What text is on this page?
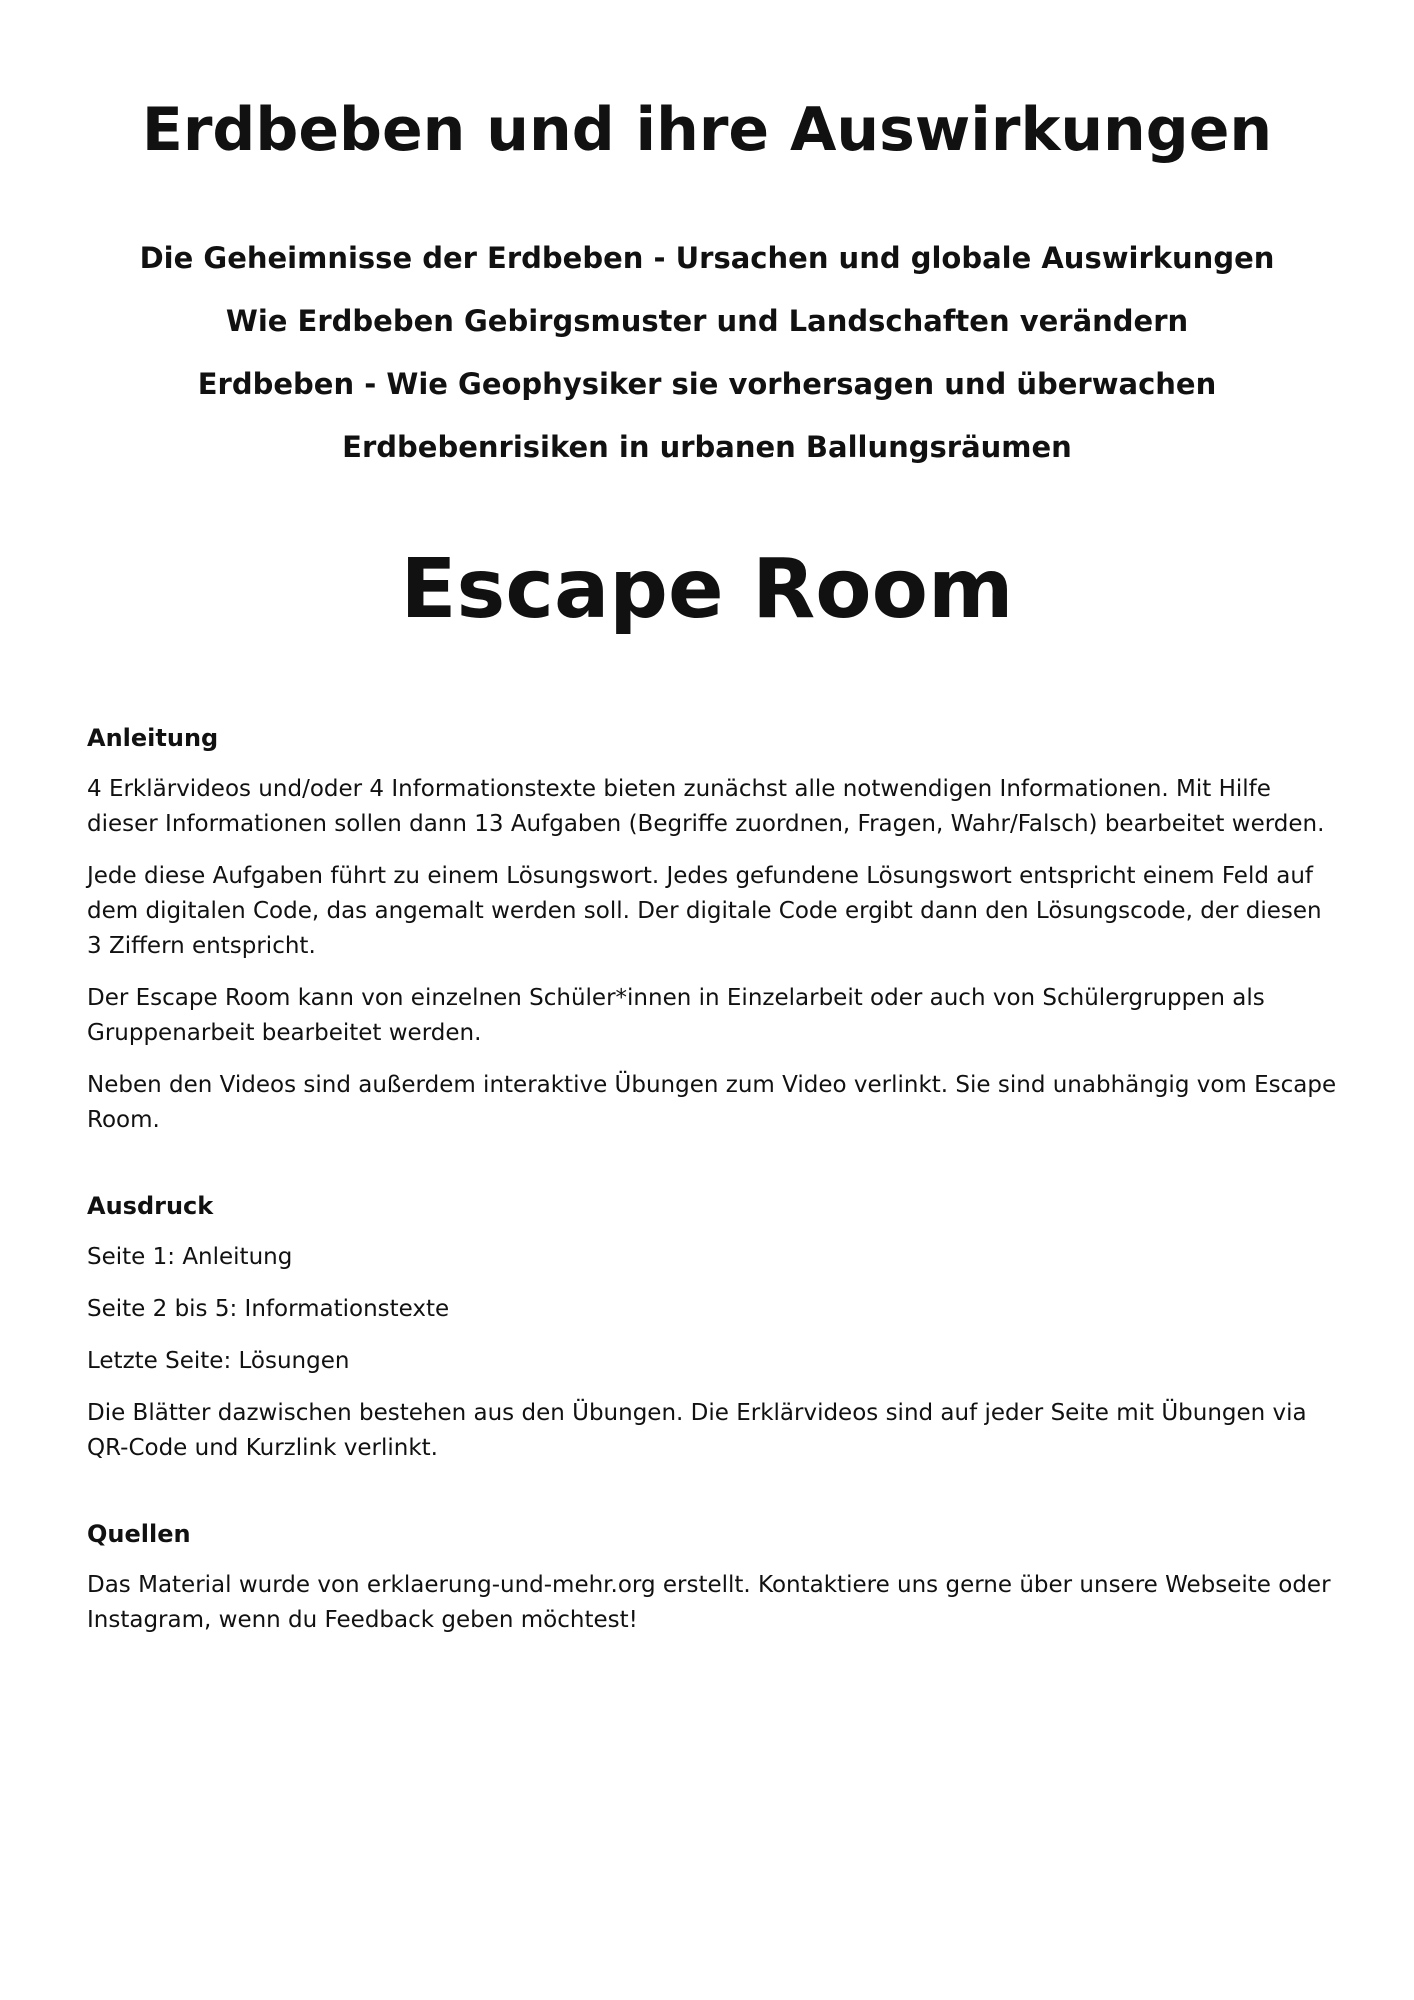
Erdbeben und ihre Auswirkungen
Die Geheimnisse der Erdbeben - Ursachen und globale Auswirkungen
Wie Erdbeben Gebirgsmuster und Landschaften verändern
Erdbeben - Wie Geophysiker sie vorhersagen und überwachen
Erdbebenrisiken in urbanen Ballungsräumen
Escape Room
Anleitung

4 Erklärvideos und/oder 4 Informationstexte bieten zunächst alle notwendigen Informationen. Mit Hilfe dieser Informationen sollen dann 13 Aufgaben (Begriffe zuordnen, Fragen, Wahr/Falsch) bearbeitet werden.

Jede diese Aufgaben führt zu einem Lösungswort. Jedes gefundene Lösungswort entspricht einem Feld auf dem digitalen Code, das angemalt werden soll. Der digitale Code ergibt dann den Lösungscode, der diesen 3 Ziffern entspricht.

Der Escape Room kann von einzelnen Schüler*innen in Einzelarbeit oder auch von Schülergruppen als Gruppenarbeit bearbeitet werden.

Neben den Videos sind außerdem interaktive Übungen zum Video verlinkt. Sie sind unabhängig vom Escape Room.

Ausdruck

Seite 1: Anleitung

Seite 2 bis 5: Informationstexte

Letzte Seite: Lösungen

Die Blätter dazwischen bestehen aus den Übungen. Die Erklärvideos sind auf jeder Seite mit Übungen via QR-Code und Kurzlink verlinkt.

Quellen

Das Material wurde von erklaerung-und-mehr.org erstellt. Kontaktiere uns gerne über unsere Webseite oder Instagram, wenn du Feedback geben möchtest!
